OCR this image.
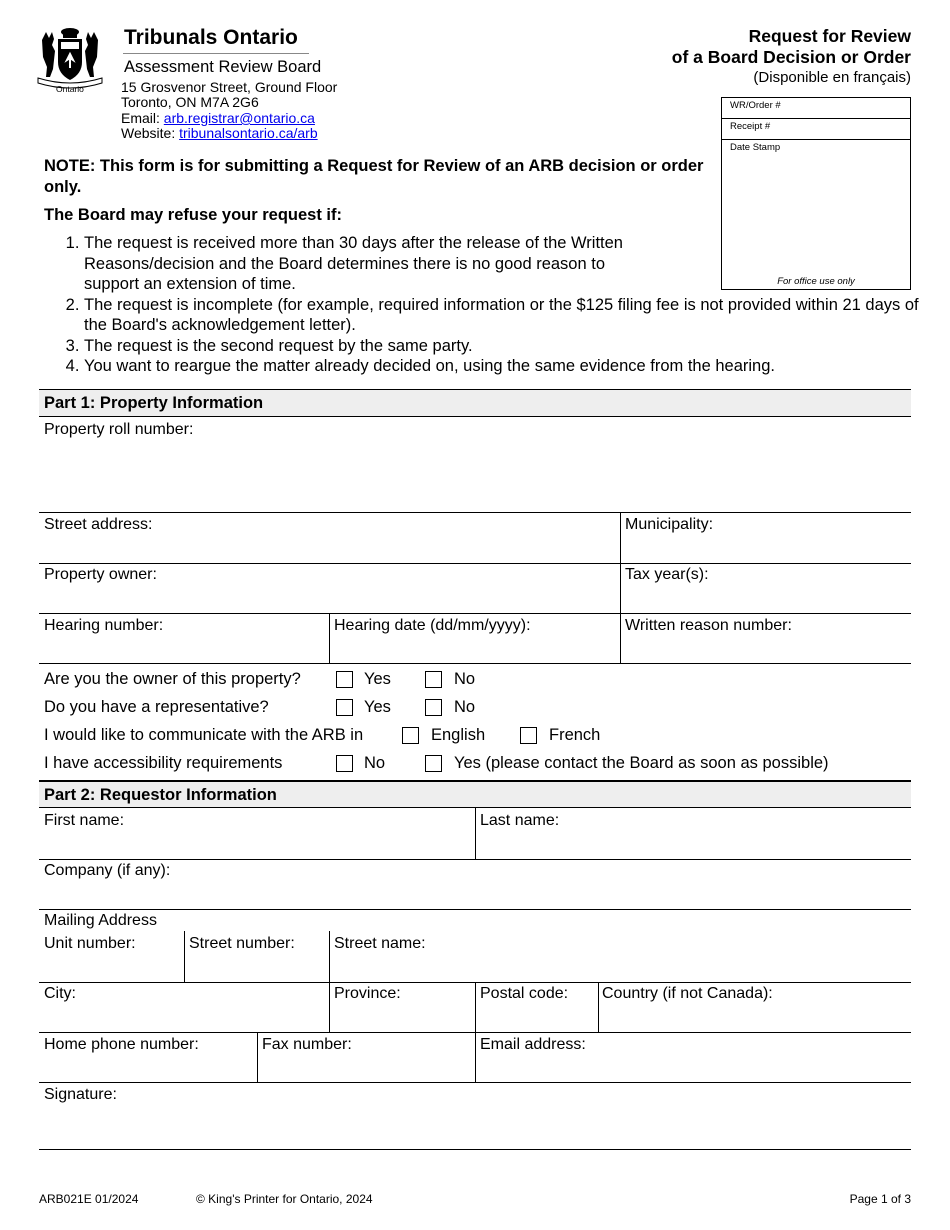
Ontario
Tribunals Ontario
Assessment Review Board
15 Grosvenor Street, Ground Floor
Toronto, ON M7A 2G6
Email: arb.registrar@ontario.ca
Website: tribunalsontario.ca/arb
Request for Review
of a Board Decision or Order
(Disponible en français)
WR/Order #
Receipt #
Date Stamp
For office use only
NOTE: This form is for submitting a Request for Review of an ARB decision or order only.
The Board may refuse your request if:
1. The request is received more than 30 days after the release of the Written Reasons/decision and the Board determines there is no good reason to support an extension of time.
2. The request is incomplete (for example, required information or the $125 filing fee is not provided within 21 days of the Board's acknowledgement letter).
3. The request is the second request by the same party.
4. You want to reargue the matter already decided on, using the same evidence from the hearing.
Part 1: Property Information
Property roll number:
Street address:	Municipality:
Property owner:	Tax year(s):
Hearing number:	Hearing date (dd/mm/yyyy):	Written reason number:
Are you the owner of this property?	Yes	No
Do you have a representative?	Yes	No
I would like to communicate with the ARB in	English	French
I have accessibility requirements	No	Yes (please contact the Board as soon as possible)
Part 2: Requestor Information
First name:	Last name:
Company (if any):
Mailing Address
Unit number:	Street number: Street name:
City:	Province:	Postal code: Country (if not Canada):
Home phone number:	Fax number:	Email address:
Signature:
ARB021E 01/2024	© King's Printer for Ontario, 2024	Page 1 of 3
